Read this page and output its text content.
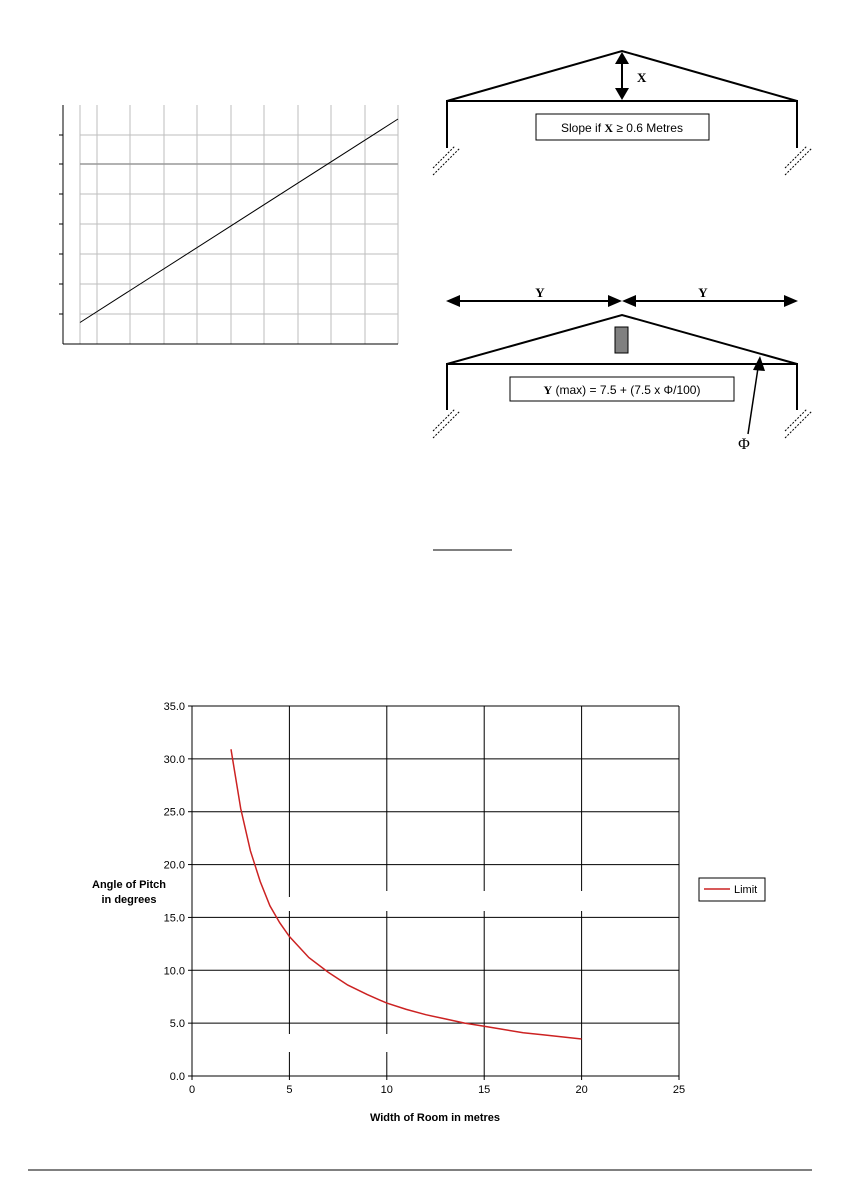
X
Slope if X ≥ 0.6 Metres
Y	Y
Y (max) = 7.5 + (7.5 x Φ/100)
Φ
0.0
5.0
10.0
15.0
20.0
25.0
30.0
35.0
0	5	10	15	20	25
Angle of Pitch
in degrees
Width of Room in metres
Limit
